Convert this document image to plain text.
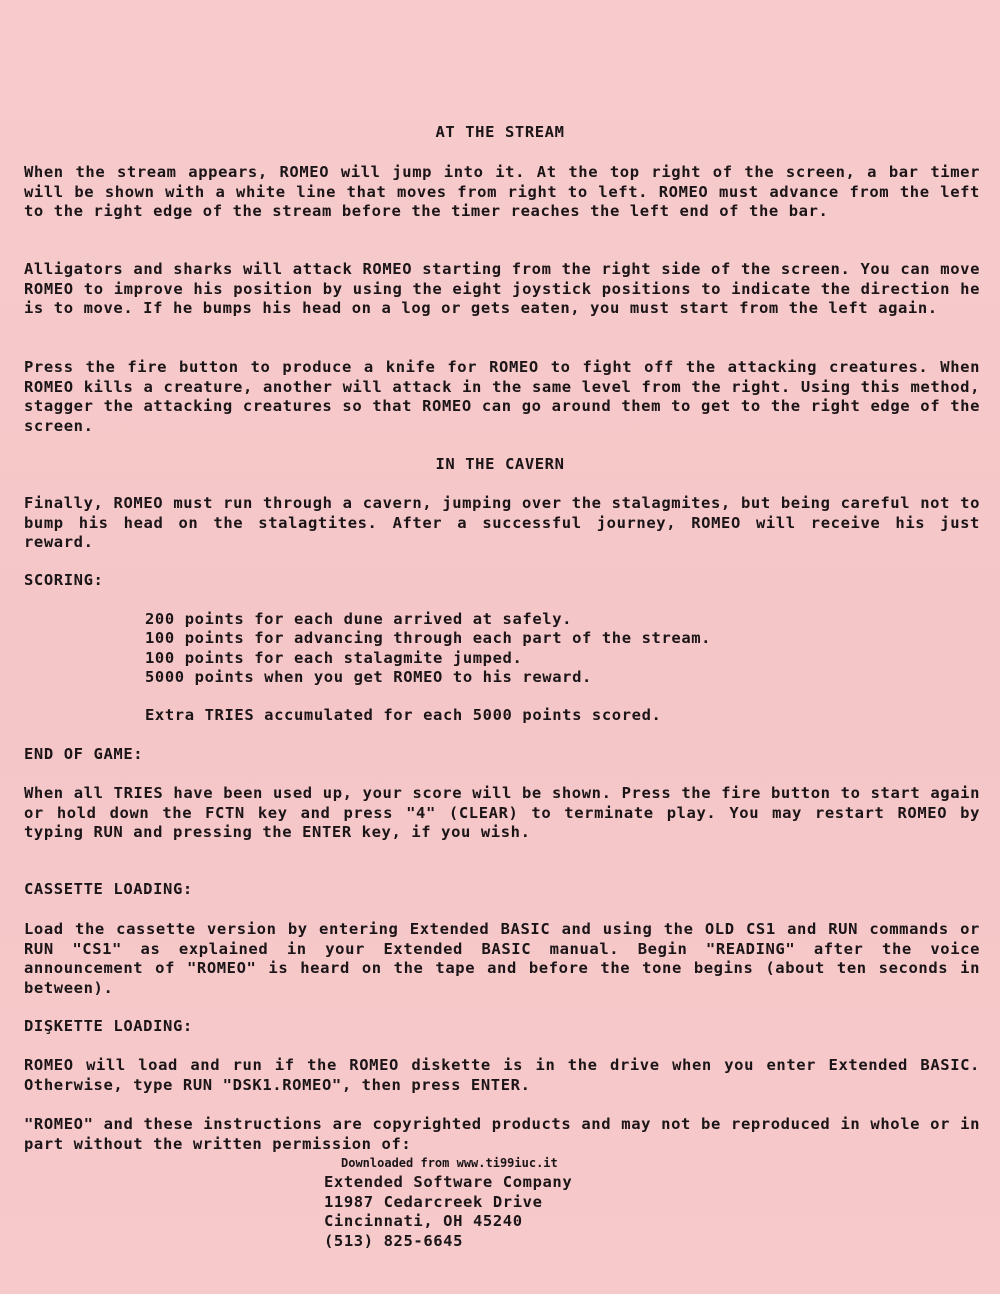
AT THE STREAM
When the stream appears, ROMEO will jump into it. At the top right of the screen, a bar timer will be shown with a white line that moves from right to left. ROMEO must advance from the left to the right edge of the stream before the timer reaches the left end of the bar.
Alligators and sharks will attack ROMEO starting from the right side of the screen. You can move ROMEO to improve his position by using the eight joystick positions to indicate the direction he is to move. If he bumps his head on a log or gets eaten, you must start from the left again.
Press the fire button to produce a knife for ROMEO to fight off the attacking creatures. When ROMEO kills a creature, another will attack in the same level from the right. Using this method, stagger the attacking creatures so that ROMEO can go around them to get to the right edge of the screen.
IN THE CAVERN
Finally, ROMEO must run through a cavern, jumping over the stalagmites, but being careful not to bump his head on the stalagtites. After a successful journey, ROMEO will receive his just reward.
SCORING:
200 points for each dune arrived at safely.
100 points for advancing through each part of the stream.
100 points for each stalagmite jumped.
5000 points when you get ROMEO to his reward.
Extra TRIES accumulated for each 5000 points scored.
END OF GAME:
When all TRIES have been used up, your score will be shown. Press the fire button to start again or hold down the FCTN key and press "4" (CLEAR) to terminate play. You may restart ROMEO by typing RUN and pressing the ENTER key, if you wish.
CASSETTE LOADING:
Load the cassette version by entering Extended BASIC and using the OLD CS1 and RUN commands or RUN "CS1" as explained in your Extended BASIC manual. Begin "READING" after the voice announcement of "ROMEO" is heard on the tape and before the tone begins (about ten seconds in between).
DIŞKETTE LOADING:
ROMEO will load and run if the ROMEO diskette is in the drive when you enter Extended BASIC. Otherwise, type RUN "DSK1.ROMEO", then press ENTER.
"ROMEO" and these instructions are copyrighted products and may not be reproduced in whole or in part without the written permission of:
Downloaded from www.ti99iuc.it
Extended Software Company
11987 Cedarcreek Drive
Cincinnati, OH 45240
(513) 825-6645
